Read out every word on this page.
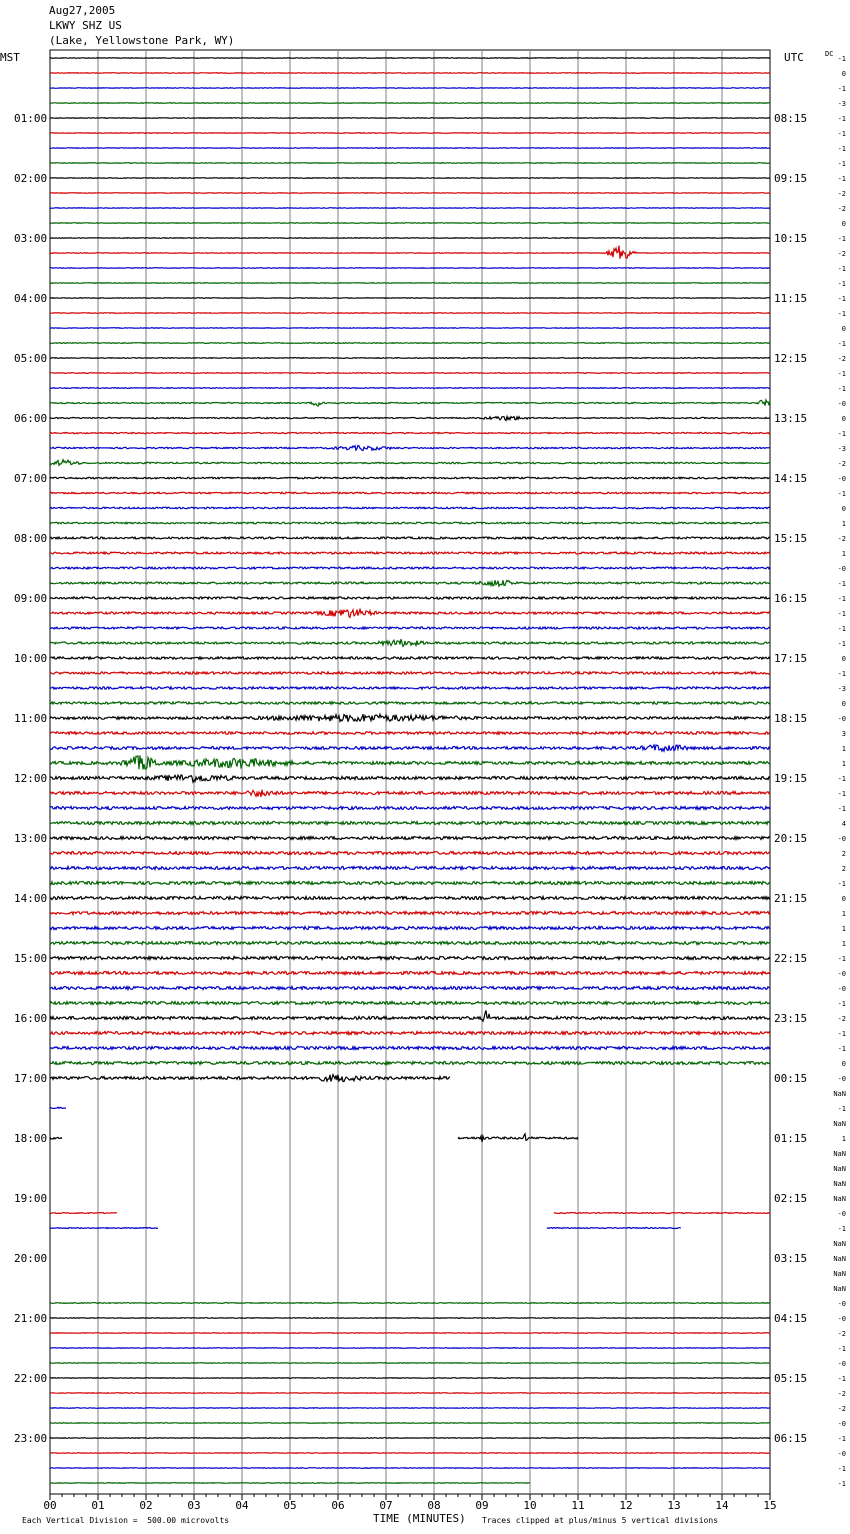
Aug27,2005
LKWY SHZ US
(Lake, Yellowstone Park, WY)
MST	UTC	DC
01:00
02:00
03:00
04:00
05:00
06:00
07:00
08:00
09:00
10:00
11:00
12:00
13:00
14:00
15:00
16:00
17:00
18:00
19:00
20:00
21:00
22:00
23:00
08:15
09:15
10:15
11:15
12:15
13:15
14:15
15:15
16:15
17:15
18:15
19:15
20:15
21:15
22:15
23:15
00:15
01:15
02:15
03:15
04:15
05:15
06:15
-1
0
-1
-3
-1
-1
-1
-1
-1
-2
-2
0
-1
-2
-1
-1
-1
-1
0
-1
-2
-1
-1
-0
0
-1
-3
-2
-0
-1
0
1
-2
1
-0
-1
-1
-1
-1
-1
0
-1
-3
0
-0
3
1
1
-1
-1
-1
4
-0
2
2
-1
0
1
1
1
-1
-0
-0
-1
-2
-1
-1
0
-0
NaN
-1
NaN
1
NaN
NaN
NaN
NaN
-0
-1
NaN
NaN
NaN
NaN
-0
-0
-2
-1
-0
-1
-2
-2
-0
-1
-0
-1
-1
00	01	02	03	04	05	06	07	08	09	10	11	12	13	14	15
TIME (MINUTES)
Each Vertical Division =  500.00 microvolts	Traces clipped at plus/minus 5 vertical divisions
